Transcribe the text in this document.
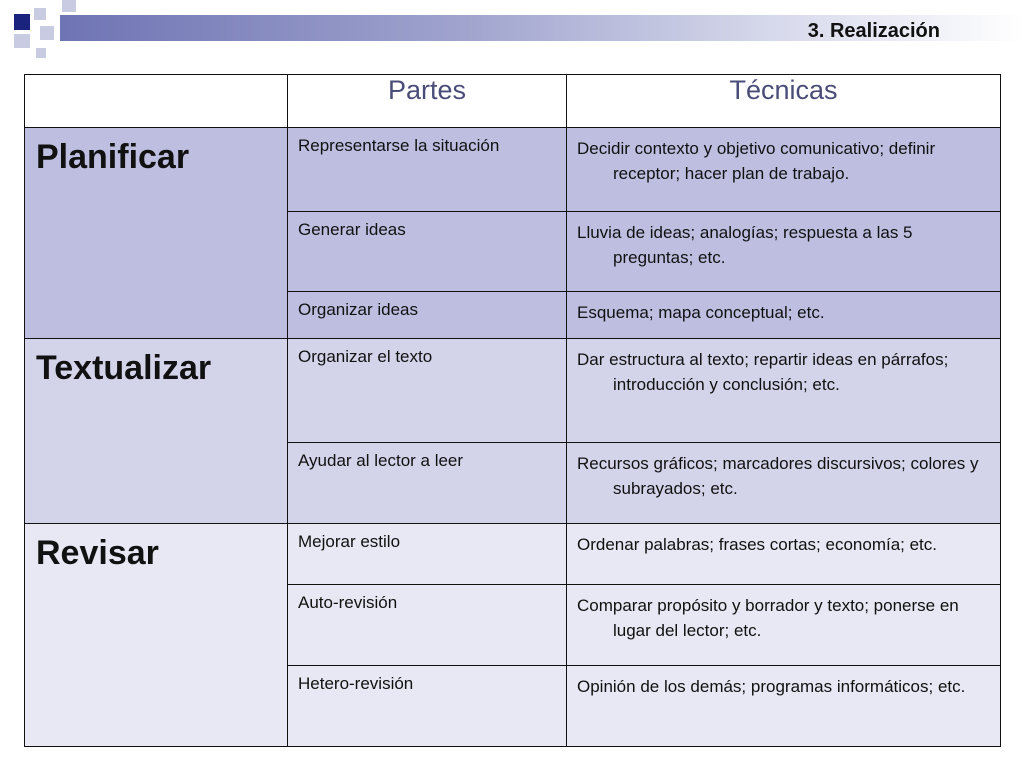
3. Realización
	Partes	Técnicas
Planificar	Representarse la situación	Decidir contexto y objetivo comunicativo; definir receptor; hacer plan de trabajo.

	Generar ideas	Lluvia de ideas; analogías; respuesta a las 5 preguntas; etc.

	Organizar ideas	Esquema; mapa conceptual; etc.

Textualizar	Organizar el texto	Dar estructura al texto; repartir ideas en párrafos; introducción y conclusión; etc.

	Ayudar al lector a leer	Recursos gráficos; marcadores discursivos; colores y subrayados; etc.

Revisar	Mejorar estilo	Ordenar palabras; frases cortas; economía; etc.

	Auto-revisión	Comparar propósito y borrador y texto; ponerse en lugar del lector; etc.

	Hetero-revisión	Opinión de los demás; programas informáticos; etc.
